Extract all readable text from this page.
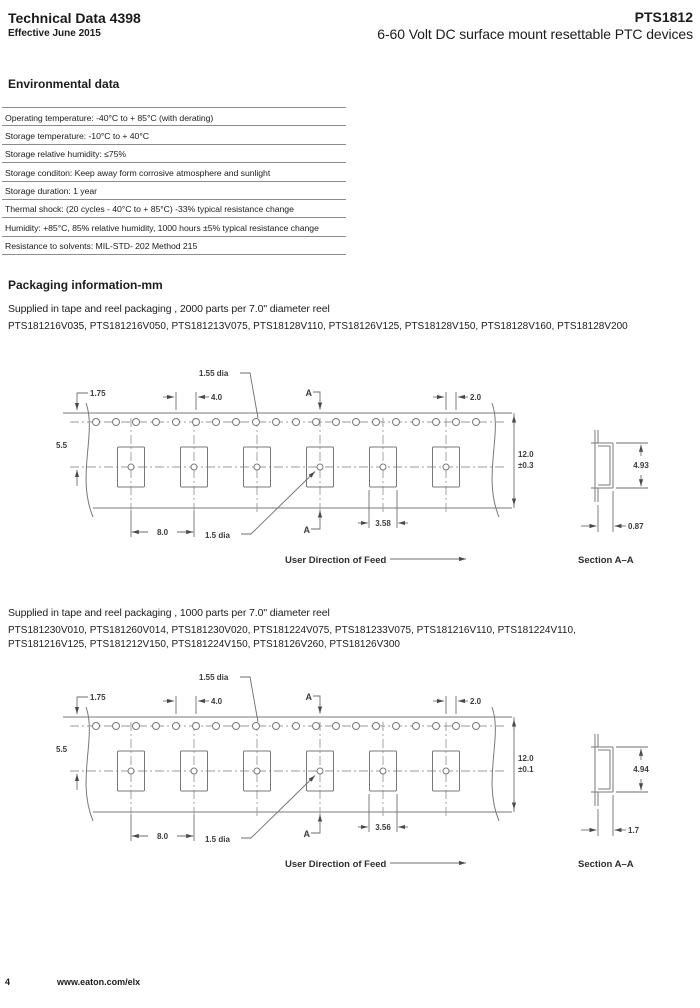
Technical Data 4398
Effective June 2015
PTS1812
6-60 Volt DC surface mount resettable PTC devices
Environmental data
Operating temperature: -40°C to + 85°C (with derating)
Storage temperature: -10°C to + 40°C
Storage relative humidity: ≤75%
Storage conditon: Keep away form corrosive atmosphere and sunlight
Storage duration: 1 year
Thermal shock: (20 cycles - 40°C to + 85°C) -33% typical resistance change
Humidity: +85°C, 85% relative humidity, 1000 hours ±5% typical resistance change
Resistance to solvents: MIL-STD- 202 Method 215
Packaging information-mm
Supplied in tape and reel packaging , 2000 parts per 7.0" diameter reel
PTS181216V035, PTS181216V050, PTS181213V075, PTS18128V110, PTS18126V125, PTS18128V150, PTS18128V160, PTS18128V200
1.75
5.5
4.0
1.55 dia
A	2.0
12.0
±0.3
8.0	1.5 dia
A
3.58
User Direction of Feed
4.93
0.87
Section A–A
Supplied in tape and reel packaging , 1000 parts per 7.0" diameter reel
PTS181230V010, PTS181260V014, PTS181230V020, PTS181224V075, PTS181233V075, PTS181216V110, PTS181224V110,
PTS181216V125, PTS181212V150, PTS181224V150, PTS18126V260, PTS18126V300
1.75
5.5
4.0
1.55 dia
A	2.0
12.0
±0.1
8.0	1.5 dia
A
3.56
User Direction of Feed
4.94
1.7
Section A–A
4	www.eaton.com/elx
